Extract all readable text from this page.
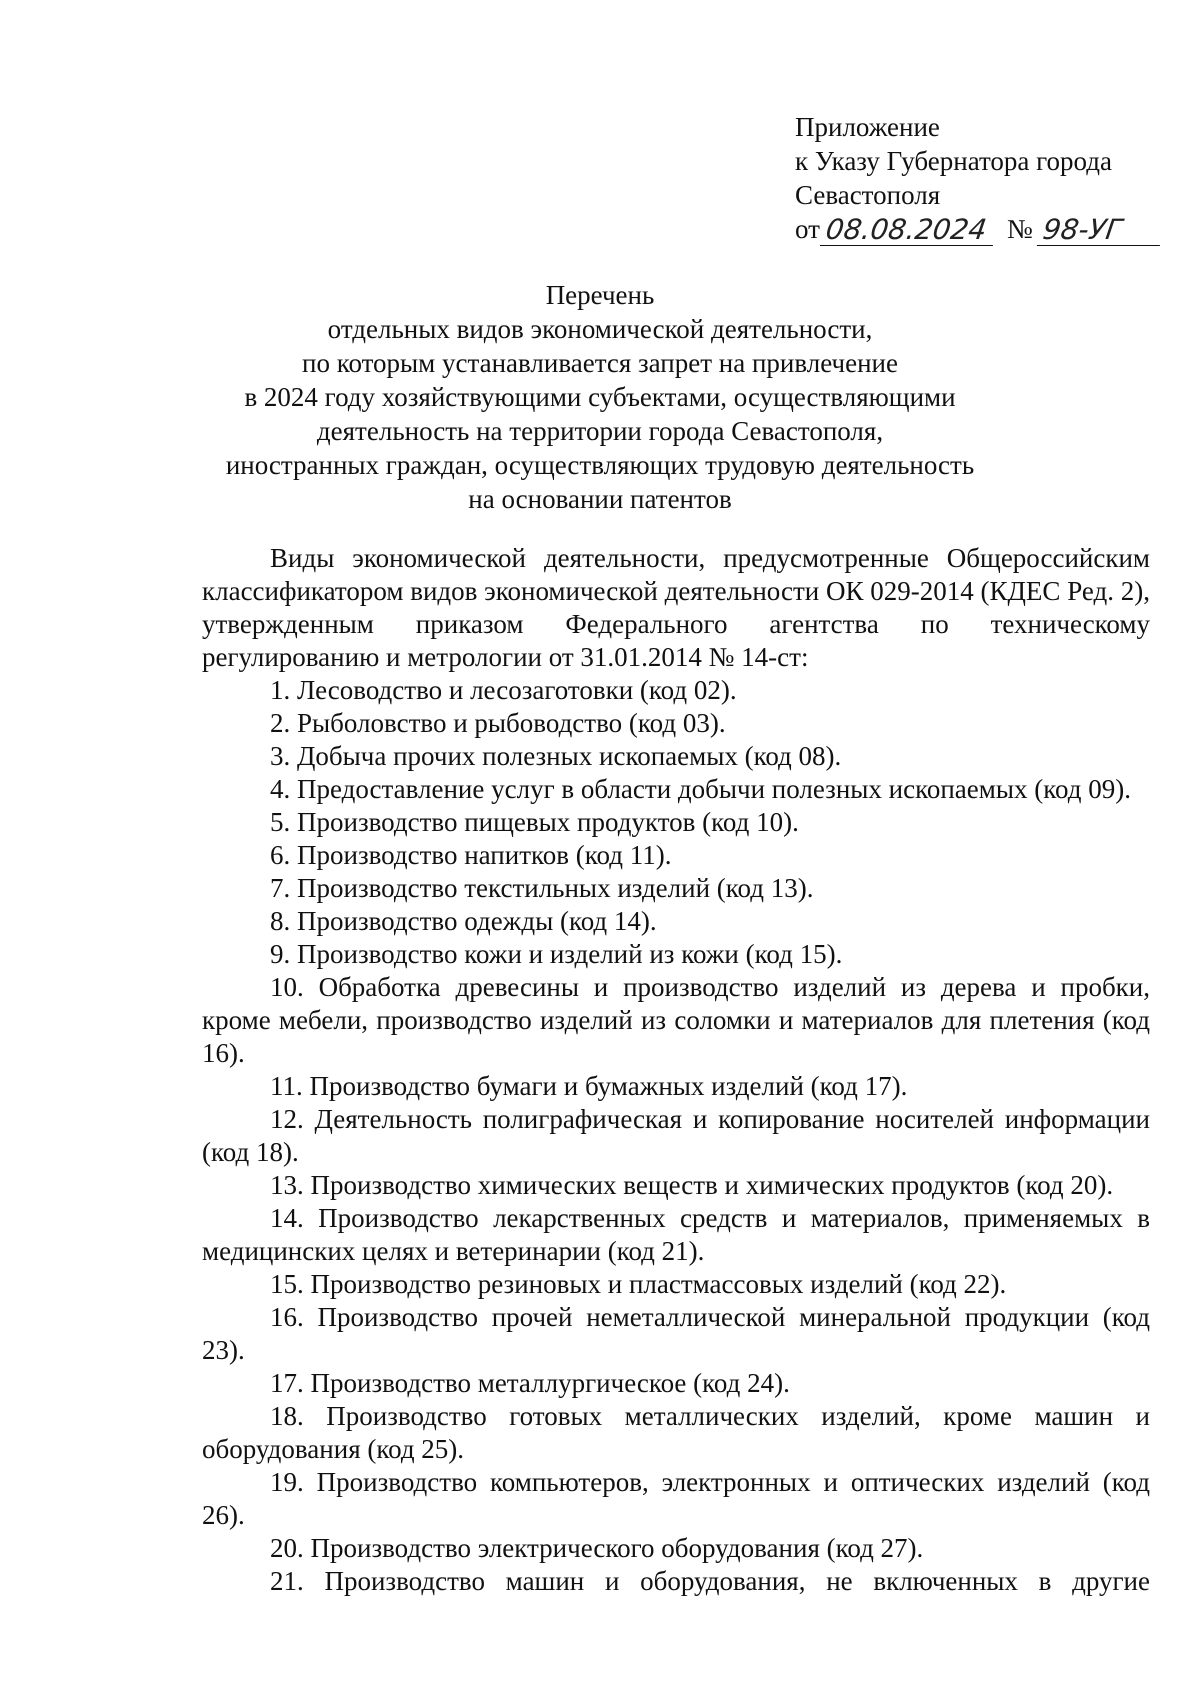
Приложение
к Указу Губернатора города
Севастополя
от 08.08.2024 № 98-УГ
Перечень
отдельных видов экономической деятельности,
по которым устанавливается запрет на привлечение
в 2024 году хозяйствующими субъектами, осуществляющими
деятельность на территории города Севастополя,
иностранных граждан, осуществляющих трудовую деятельность
на основании патентов

Виды экономической деятельности, предусмотренные Общероссийским классификатором видов экономической деятельности ОК 029-2014 (КДЕС Ред. 2), утвержденным приказом Федерального агентства по техническому регулированию и метрологии от 31.01.2014 № 14-ст:

1. Лесоводство и лесозаготовки (код 02).

2. Рыболовство и рыбоводство (код 03).

3. Добыча прочих полезных ископаемых (код 08).

4. Предоставление услуг в области добычи полезных ископаемых (код 09).

5. Производство пищевых продуктов (код 10).

6. Производство напитков (код 11).

7. Производство текстильных изделий (код 13).

8. Производство одежды (код 14).

9. Производство кожи и изделий из кожи (код 15).

10. Обработка древесины и производство изделий из дерева и пробки, кроме мебели, производство изделий из соломки и материалов для плетения (код 16).

11. Производство бумаги и бумажных изделий (код 17).

12. Деятельность полиграфическая и копирование носителей информации (код 18).

13. Производство химических веществ и химических продуктов (код 20).

14. Производство лекарственных средств и материалов, применяемых в медицинских целях и ветеринарии (код 21).

15. Производство резиновых и пластмассовых изделий (код 22).

16. Производство прочей неметаллической минеральной продукции (код 23).

17. Производство металлургическое (код 24).

18. Производство готовых металлических изделий, кроме машин и оборудования (код 25).

19. Производство компьютеров, электронных и оптических изделий (код 26).

20. Производство электрического оборудования (код 27).

21. Производство машин и оборудования, не включенных в другие
